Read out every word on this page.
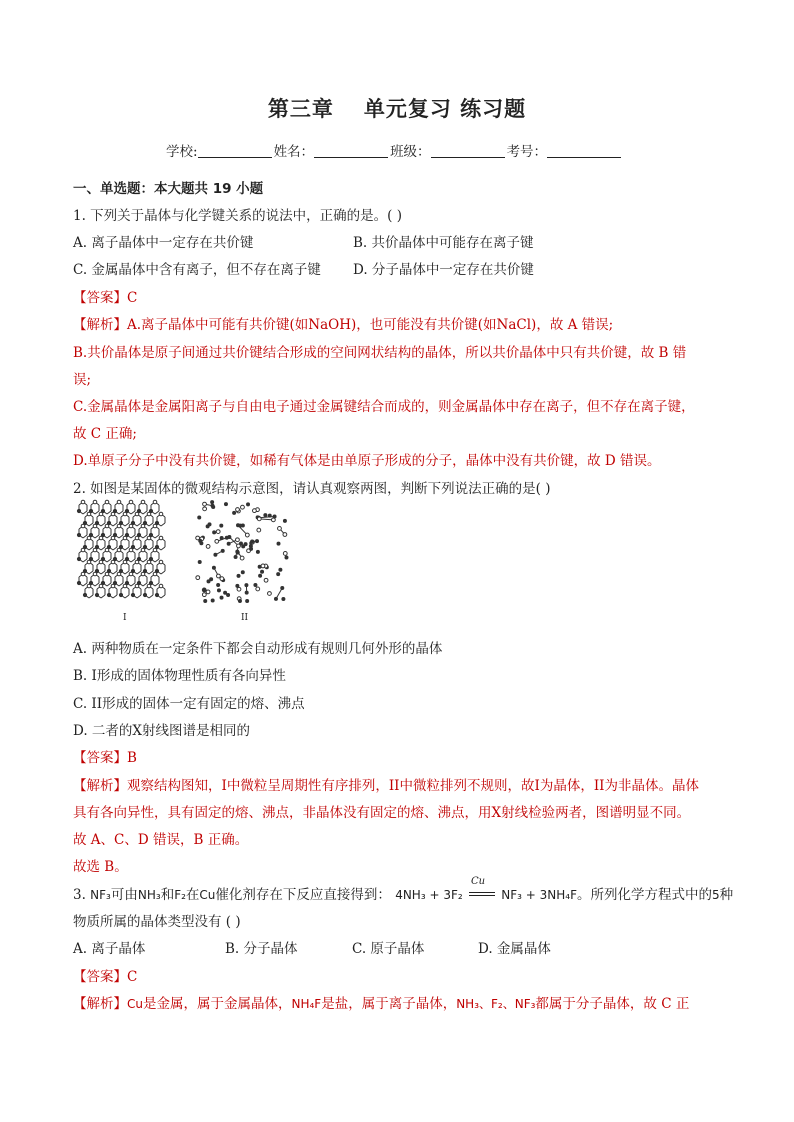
第三章 单元复习 练习题
学校:	姓名：	班级：	考号：
一、单选题：本大题共 19 小题
1. 下列关于晶体与化学键关系的说法中，正确的是。( )
A. 离子晶体中一定存在共价键	B. 共价晶体中可能存在离子键
C. 金属晶体中含有离子，但不存在离子键 D. 分子晶体中一定存在共价键
【答案】C
【解析】A.离子晶体中可能有共价键(如NaOH)，也可能没有共价键(如NaCl)，故 A 错误;
B.共价晶体是原子间通过共价键结合形成的空间网状结构的晶体，所以共价晶体中只有共价键，故 B 错
误;
C.金属晶体是金属阳离子与自由电子通过金属键结合而成的，则金属晶体中存在离子，但不存在离子键，
故 C 正确;
D.单原子分子中没有共价键，如稀有气体是由单原子形成的分子，晶体中没有共价键，故 D 错误。
2. 如图是某固体的微观结构示意图，请认真观察两图，判断下列说法正确的是( )
I	II
A. 两种物质在一定条件下都会自动形成有规则几何外形的晶体
B. I形成的固体物理性质有各向异性
C. II形成的固体一定有固定的熔、沸点
D. 二者的X射线图谱是相同的
【答案】B
【解析】观察结构图知，I中微粒呈周期性有序排列，II中微粒排列不规则，故I为晶体，II为非晶体。晶体
具有各向异性，具有固定的熔、沸点，非晶体没有固定的熔、沸点，用X射线检验两者，图谱明显不同。
故 A、C、D 错误，B 正确。
故选 B。
3. NF₃可由NH₃和F₂在Cu催化剂存在下反应直接得到： 4NH₃ + 3F₂
Cu
NF₃ + 3NH₄F。所列化学方程式中的5种
物质所属的晶体类型没有 ( )
A. 离子晶体	B. 分子晶体	C. 原子晶体	D. 金属晶体
【答案】C
【解析】Cu是金属，属于金属晶体，NH₄F是盐，属于离子晶体，NH₃、F₂、NF₃都属于分子晶体，故 C 正
